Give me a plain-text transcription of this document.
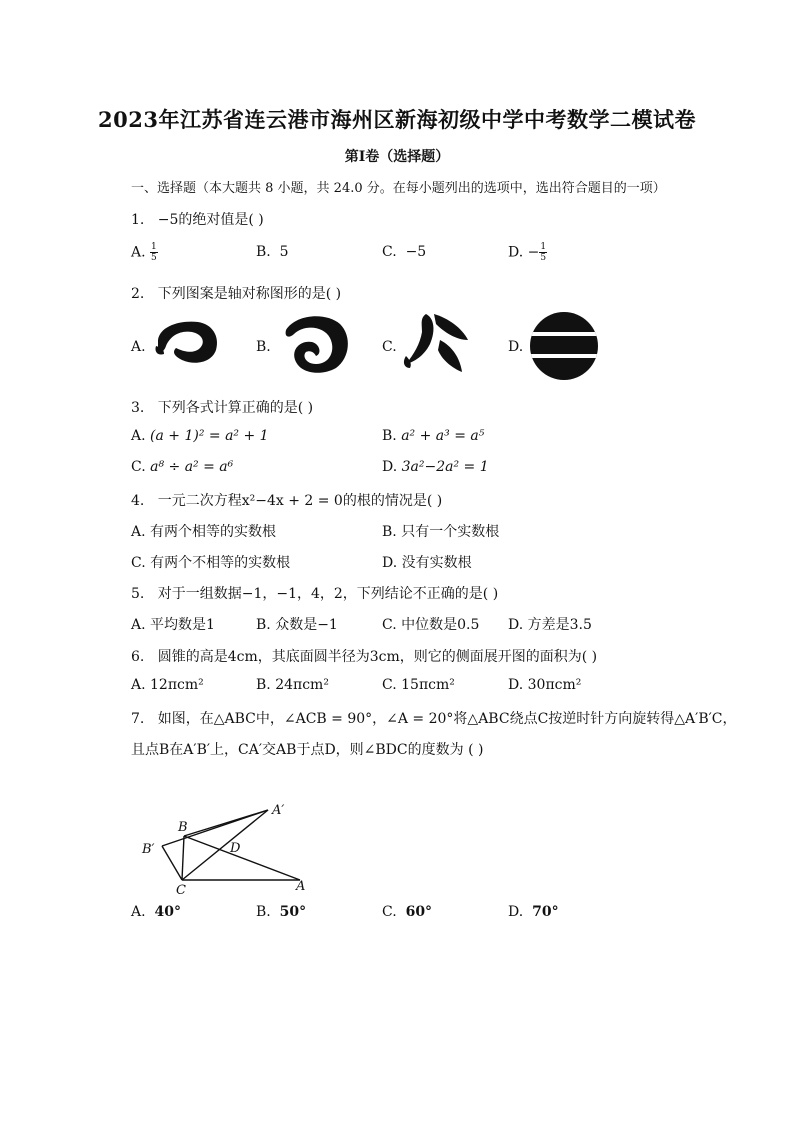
2023年江苏省连云港市海州区新海初级中学中考数学二模试卷
第Ⅰ卷（选择题）
一、选择题（本大题共 8 小题，共 24.0 分。在每小题列出的选项中，选出符合题目的一项）
1. −5的绝对值是( )
A. $\frac{1}{5}$	B. 5	C. −5	D. − $\frac{1}{5}$
2. 下列图案是轴对称图形的是( )
A.	B.	C.	D.
3. 下列各式计算正确的是( )
A. (a + 1)² = a² + 1	B. a² + a³ = a⁵
C. a⁸ ÷ a² = a⁶	D. 3a²−2a² = 1
4. 一元二次方程x²−4x + 2 = 0的根的情况是( )
A. 有两个相等的实数根	B. 只有一个实数根
C. 有两个不相等的实数根	D. 没有实数根
5. 对于一组数据−1，−1，4，2，下列结论不正确的是( )
A. 平均数是1	B. 众数是−1	C. 中位数是0.5 D. 方差是3.5
6. 圆锥的高是4cm，其底面圆半径为3cm，则它的侧面展开图的面积为( )
A. 12πcm²	B. 24πcm²	C. 15πcm²	D. 30πcm²
7. 如图，在△ABC中，∠ACB = 90°，∠A = 20°将△ABC绕点C按逆时针方向旋转得△A′B′C，
且点B在A′B′上，CA′交AB于点D，则∠BDC的度数为 ( )
A′
B
B′	D
C	A
A. 40°	B. 50°	C. 60°	D. 70°
